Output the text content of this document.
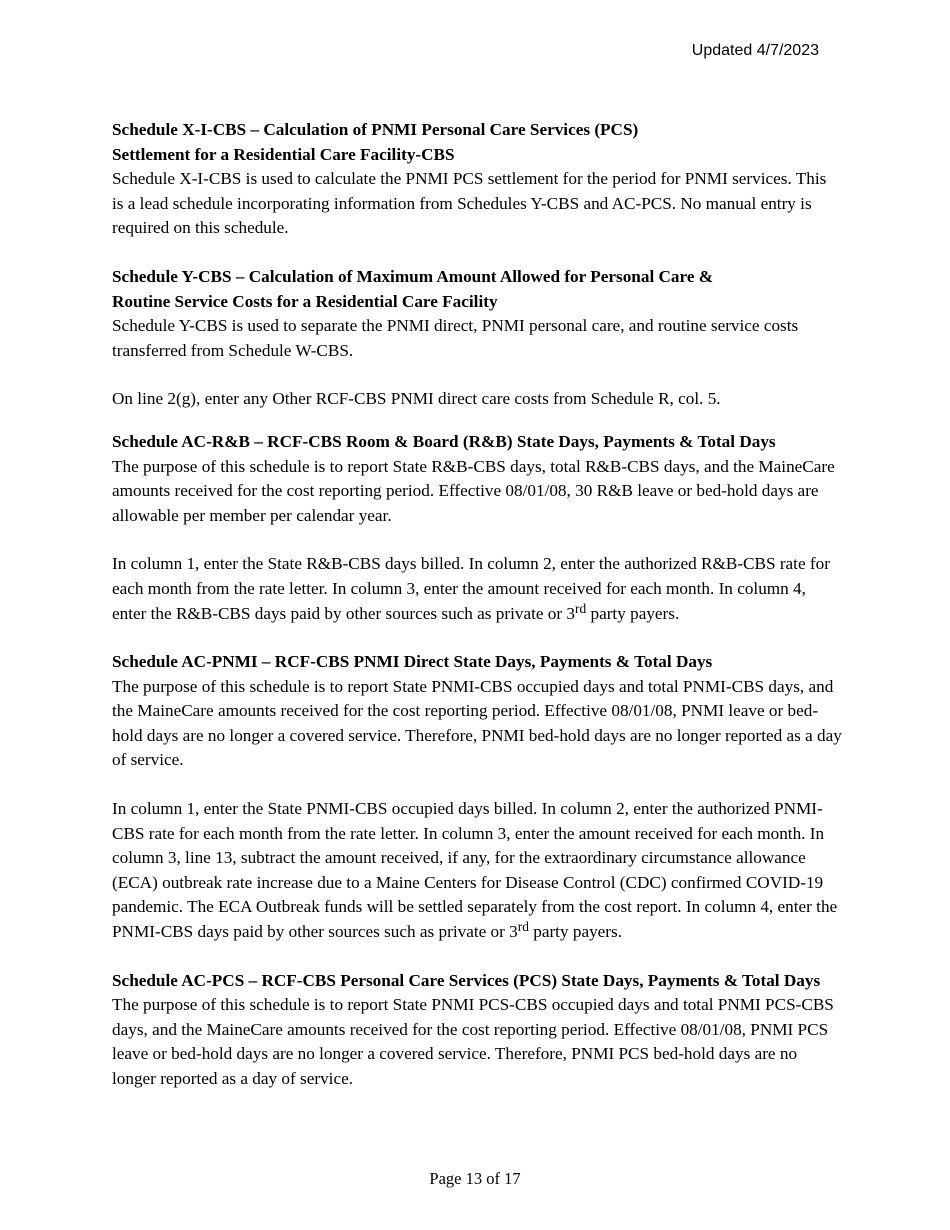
Updated 4/7/2023

Schedule X-I-CBS – Calculation of PNMI Personal Care Services (PCS)
Settlement for a Residential Care Facility-CBS

Schedule X-I-CBS is used to calculate the PNMI PCS settlement for the period for PNMI services. This is a lead schedule incorporating information from Schedules Y-CBS and AC-PCS. No manual entry is required on this schedule.

Schedule Y-CBS – Calculation of Maximum Amount Allowed for Personal Care &
Routine Service Costs for a Residential Care Facility

Schedule Y-CBS is used to separate the PNMI direct, PNMI personal care, and routine service costs transferred from Schedule W-CBS.

On line 2(g), enter any Other RCF-CBS PNMI direct care costs from Schedule R, col. 5.

Schedule AC-R&B – RCF-CBS Room & Board (R&B) State Days, Payments & Total Days

The purpose of this schedule is to report State R&B-CBS days, total R&B-CBS days, and the MaineCare amounts received for the cost reporting period. Effective 08/01/08, 30 R&B leave or bed-hold days are allowable per member per calendar year.

In column 1, enter the State R&B-CBS days billed. In column 2, enter the authorized R&B-CBS rate for each month from the rate letter. In column 3, enter the amount received for each month. In column 4, enter the R&B-CBS days paid by other sources such as private or 3rd party payers.

Schedule AC-PNMI – RCF-CBS PNMI Direct State Days, Payments & Total Days

The purpose of this schedule is to report State PNMI-CBS occupied days and total PNMI-CBS days, and the MaineCare amounts received for the cost reporting period. Effective 08/01/08, PNMI leave or bed- hold days are no longer a covered service. Therefore, PNMI bed-hold days are no longer reported as a day of service.

In column 1, enter the State PNMI-CBS occupied days billed. In column 2, enter the authorized PNMI- CBS rate for each month from the rate letter. In column 3, enter the amount received for each month. In column 3, line 13, subtract the amount received, if any, for the extraordinary circumstance allowance (ECA) outbreak rate increase due to a Maine Centers for Disease Control (CDC) confirmed COVID-19 pandemic. The ECA Outbreak funds will be settled separately from the cost report. In column 4, enter the PNMI-CBS days paid by other sources such as private or 3rd party payers.

Schedule AC-PCS – RCF-CBS Personal Care Services (PCS) State Days, Payments & Total Days The purpose of this schedule is to report State PNMI PCS-CBS occupied days and total PNMI PCS-CBS days, and the MaineCare amounts received for the cost reporting period. Effective 08/01/08, PNMI PCS leave or bed-hold days are no longer a covered service. Therefore, PNMI PCS bed-hold days are no longer reported as a day of service.

Page 13 of 17
